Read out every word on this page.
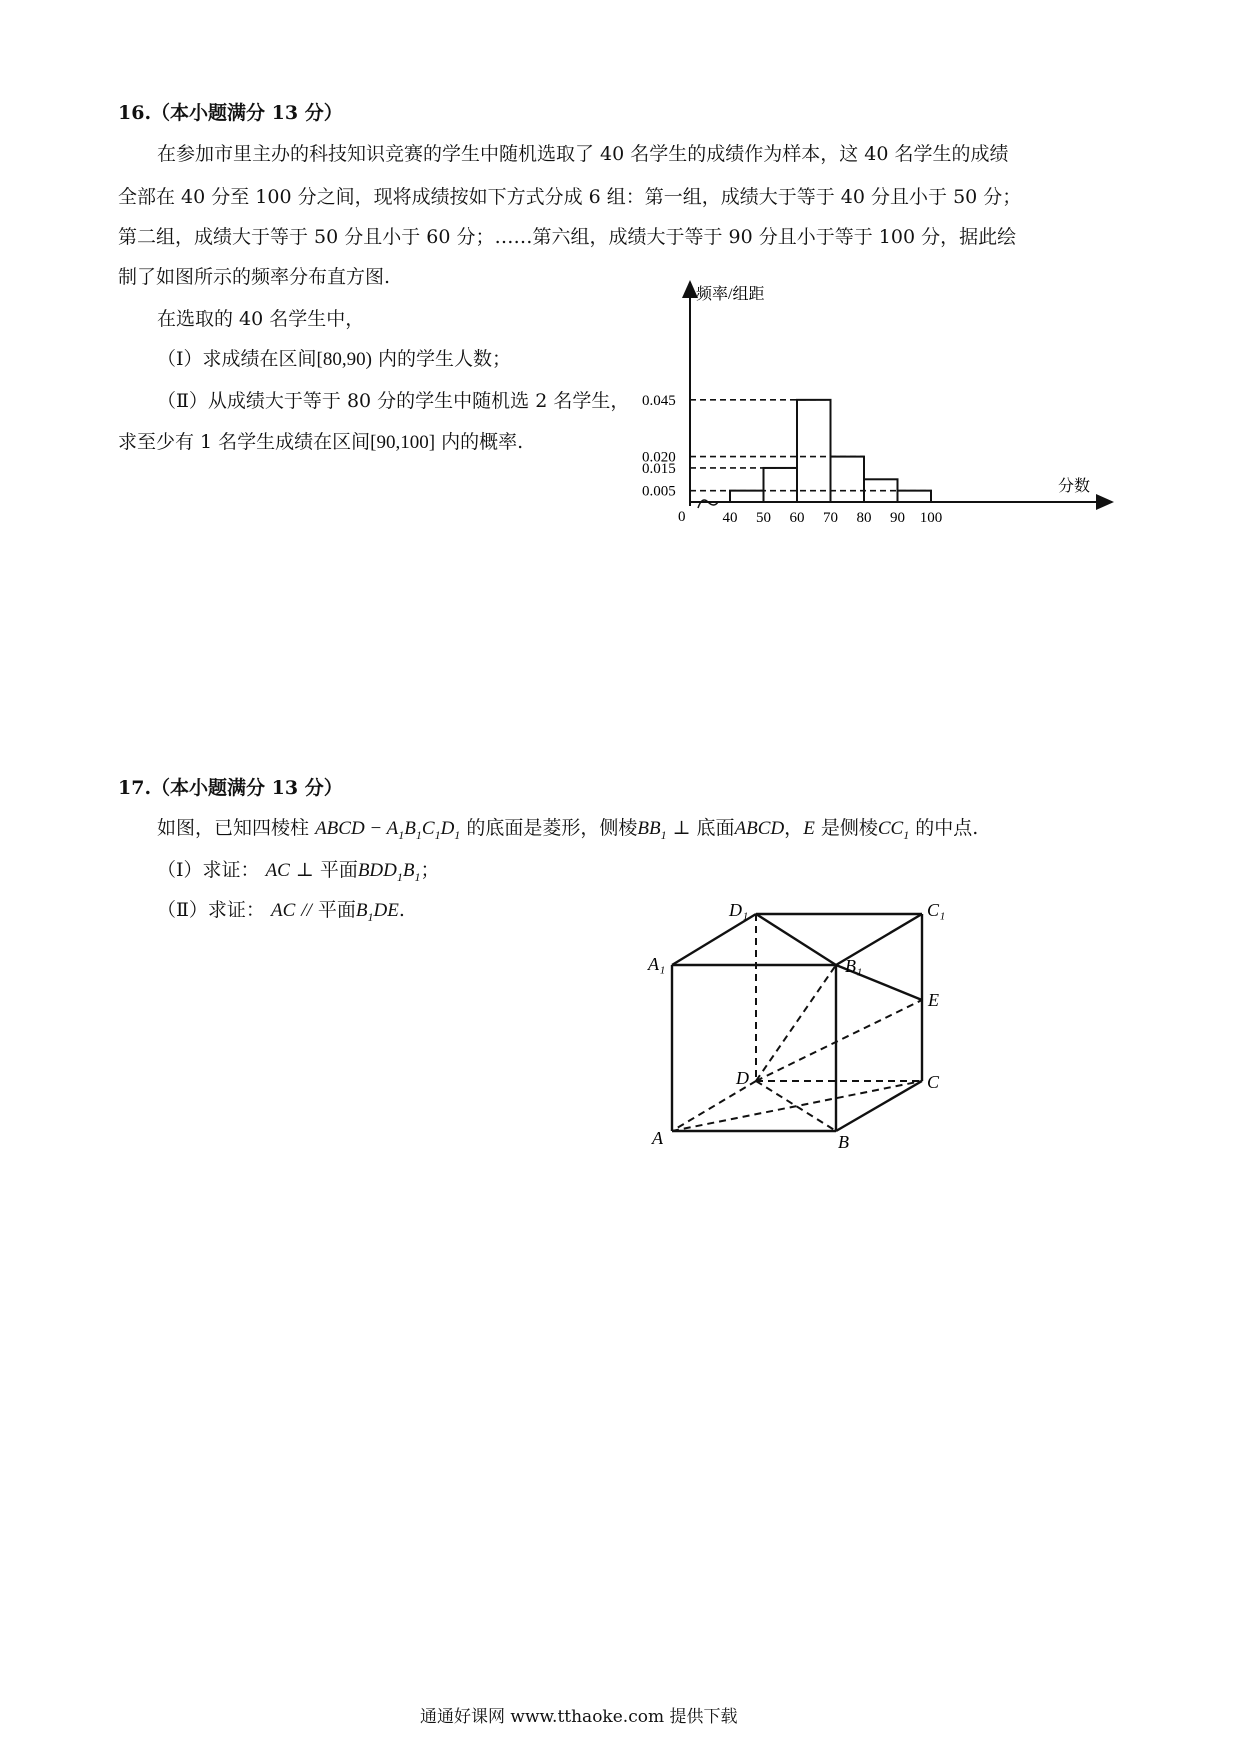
16.（本小题满分 13 分）
在参加市里主办的科技知识竞赛的学生中随机选取了 40 名学生的成绩作为样本，这 40 名学生的成绩
全部在 40 分至 100 分之间，现将成绩按如下方式分成 6 组：第一组，成绩大于等于 40 分且小于 50 分；
第二组，成绩大于等于 50 分且小于 60 分；……第六组，成绩大于等于 90 分且小于等于 100 分，据此绘
制了如图所示的频率分布直方图.
在选取的 40 名学生中，
（Ⅰ）求成绩在区间[80,90) 内的学生人数；
（Ⅱ）从成绩大于等于 80 分的学生中随机选 2 名学生，
求至少有 1 名学生成绩在区间[90,100] 内的概率.
0.005
0.015
0.020
0.045
40 50 60 70 80 90 100
0
频率/组距
分数
17.（本小题满分 13 分）
如图，已知四棱柱 ABCD − $A_1B_1C_1D_1$ 的底面是菱形，侧棱$BB_1$ ⊥ 底面ABCD，E 是侧棱$CC_1$ 的中点.
（Ⅰ）求证： AC ⊥ 平面$BDD_1B_1$；
（Ⅱ）求证： AC // 平面$B_1DE$.	D₁	C₁
A₁	B₁
E
D	C
A	B
通通好课网 www.tthaoke.com 提供下载
